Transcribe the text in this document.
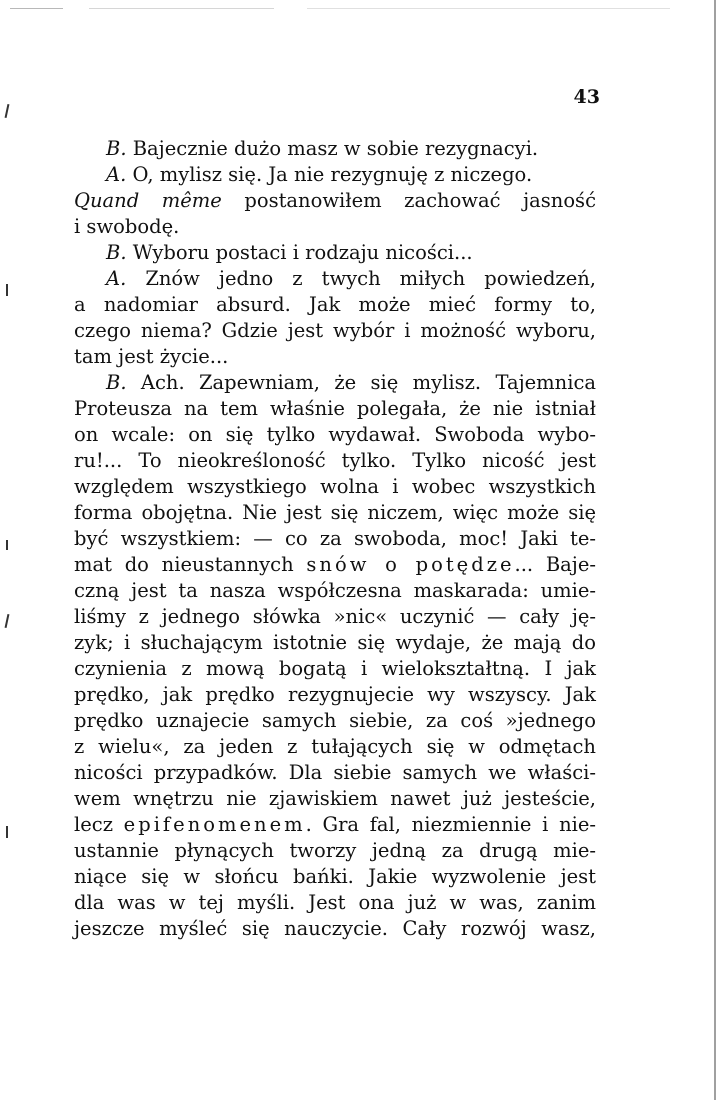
43
B. Bajecznie dużo masz w sobie rezygnacyi.
A. O, mylisz się. Ja nie rezygnuję z niczego.
Quand même postanowiłem zachować jasność
i swobodę.
B. Wyboru postaci i rodzaju nicości...
A. Znów jedno z twych miłych powiedzeń,
a nadomiar absurd. Jak może mieć formy to,
czego niema? Gdzie jest wybór i możność wyboru,
tam jest życie...
B. Ach. Zapewniam, że się mylisz. Tajemnica
Proteusza na tem właśnie polegała, że nie istniał
on wcale: on się tylko wydawał. Swoboda wybo-
ru!... To nieokreśloność tylko. Tylko nicość jest
względem wszystkiego wolna i wobec wszystkich
forma obojętna. Nie jest się niczem, więc może się
być wszystkiem: — co za swoboda, moc! Jaki te-
mat do nieustannych snów o potędze... Baje-
czną jest ta nasza współczesna maskarada: umie-
liśmy z jednego słówka »nic« uczynić — cały ję-
zyk; i słuchającym istotnie się wydaje, że mają do
czynienia z mową bogatą i wielokształtną. I jak
prędko, jak prędko rezygnujecie wy wszyscy. Jak
prędko uznajecie samych siebie, za coś »jednego
z wielu«, za jeden z tułających się w odmętach
nicości przypadków. Dla siebie samych we właści-
wem wnętrzu nie zjawiskiem nawet już jesteście,
lecz epifenomenem. Gra fal, niezmiennie i nie-
ustannie płynących tworzy jedną za drugą mie-
niące się w słońcu bańki. Jakie wyzwolenie jest
dla was w tej myśli. Jest ona już w was, zanim
jeszcze myśleć się nauczycie. Cały rozwój wasz,
